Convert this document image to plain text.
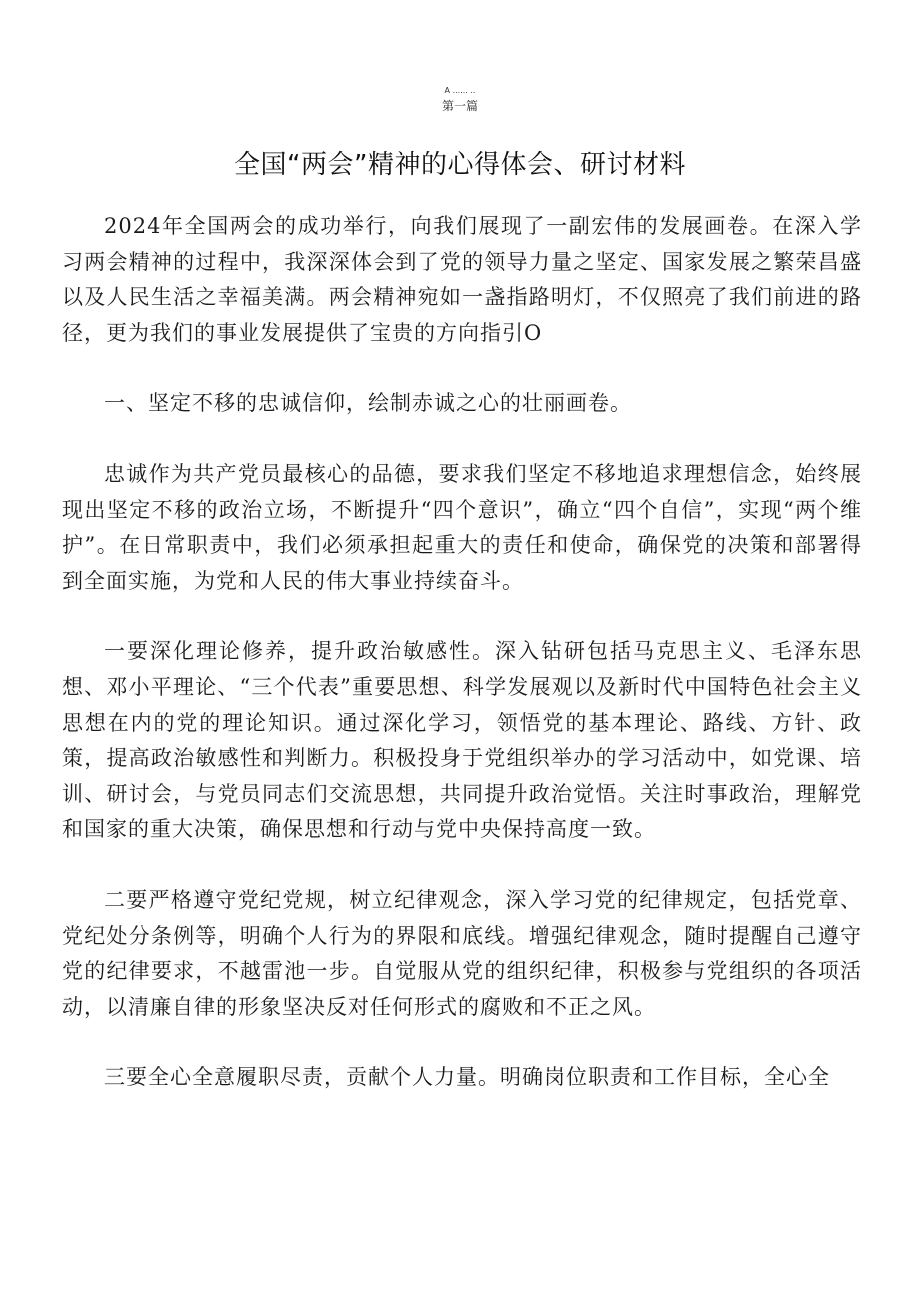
A ...... ..
第一篇
全国“两会”精神的心得体会、研讨材料

2024年全国两会的成功举行，向我们展现了一副宏伟的发展画卷。在深入学习两会精神的过程中，我深深体会到了党的领导力量之坚定、国家发展之繁荣昌盛以及人民生活之幸福美满。两会精神宛如一盏指路明灯，不仅照亮了我们前进的路径，更为我们的事业发展提供了宝贵的方向指引O

一、坚定不移的忠诚信仰，绘制赤诚之心的壮丽画卷。

忠诚作为共产党员最核心的品德，要求我们坚定不移地追求理想信念，始终展现出坚定不移的政治立场，不断提升“四个意识”，确立“四个自信”，实现“两个维护”。在日常职责中，我们必须承担起重大的责任和使命，确保党的决策和部署得到全面实施，为党和人民的伟大事业持续奋斗。

一要深化理论修养，提升政治敏感性。深入钻研包括马克思主义、毛泽东思想、邓小平理论、“三个代表”重要思想、科学发展观以及新时代中国特色社会主义思想在内的党的理论知识。通过深化学习，领悟党的基本理论、路线、方针、政策，提高政治敏感性和判断力。积极投身于党组织举办的学习活动中，如党课、培训、研讨会，与党员同志们交流思想，共同提升政治觉悟。关注时事政治，理解党和国家的重大决策，确保思想和行动与党中央保持高度一致。

二要严格遵守党纪党规，树立纪律观念，深入学习党的纪律规定，包括党章、党纪处分条例等，明确个人行为的界限和底线。增强纪律观念，随时提醒自己遵守党的纪律要求，不越雷池一步。自觉服从党的组织纪律，积极参与党组织的各项活动，以清廉自律的形象坚决反对任何形式的腐败和不正之风。

三要全心全意履职尽责，贡献个人力量。明确岗位职责和工作目标，全心全
